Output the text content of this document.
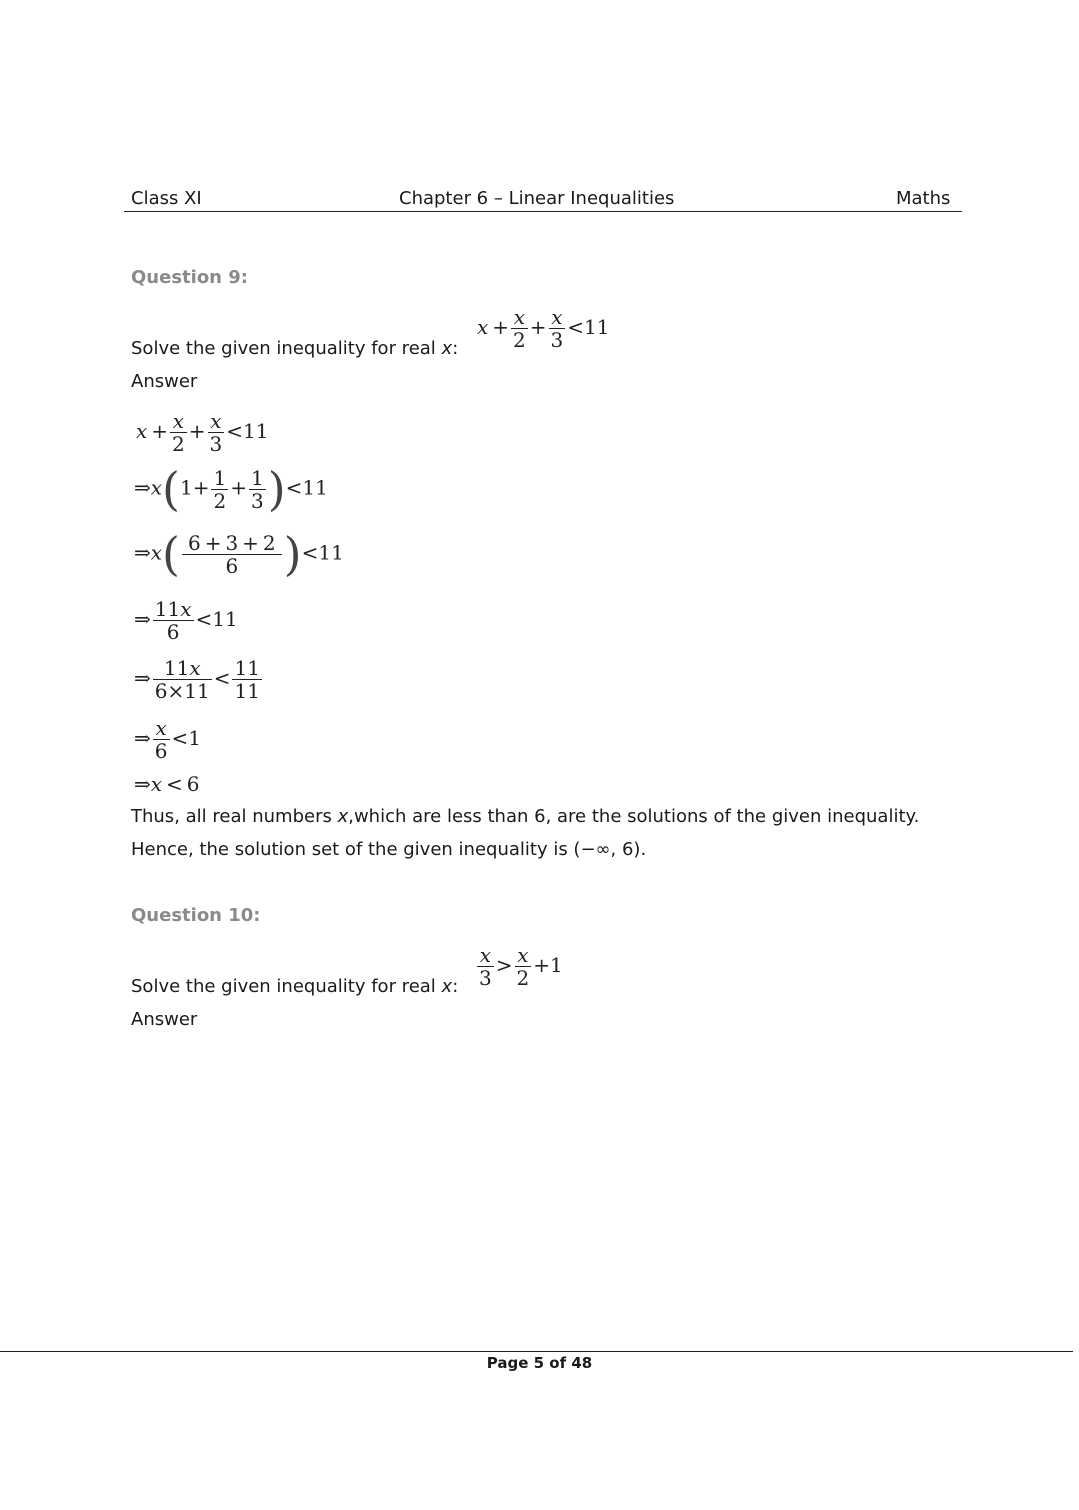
Class XI	Chapter 6 – Linear Inequalities	Maths
Question 9:
Solve the given inequality for real x:
$x + \frac{x}{2} + \frac{x}{3} <11$
Answer
$x + \frac{x}{2} + \frac{x}{3} <11$
⇒x(1+ $\frac{1}{2} + \frac{1}{3} )<11$
⇒x(  $\frac{6 + 3 + 2}{6} )<11$
⇒ $\frac{11x}{6} <11$
⇒ $\frac{11x}{6\times 11} < \frac{11}{11}$
⇒ $\frac{x}{6} <1$
⇒x < 6
Thus, all real numbers x,which are less than 6, are the solutions of the given inequality.
Hence, the solution set of the given inequality is (−∞, 6).
Question 10:
Solve the given inequality for real x: $\frac{x}{3} > \frac{x}{2} +1$
Answer
Page 5 of 48
